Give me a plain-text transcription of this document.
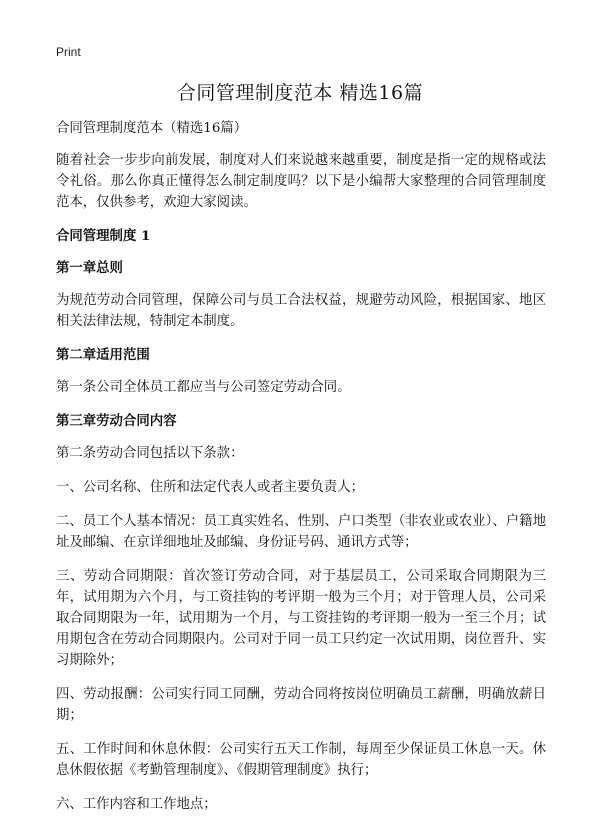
Print
合同管理制度范本 精选16篇

合同管理制度范本（精选16篇）

随着社会一步步向前发展，制度对人们来说越来越重要，制度是指一定的规格或法令礼俗。那么你真正懂得怎么制定制度吗？以下是小编帮大家整理的合同管理制度范本，仅供参考，欢迎大家阅读。

合同管理制度 1
第一章总则

为规范劳动合同管理，保障公司与员工合法权益，规避劳动风险，根据国家、地区相关法律法规，特制定本制度。

第二章适用范围

第一条公司全体员工都应当与公司签定劳动合同。

第三章劳动合同内容

第二条劳动合同包括以下条款：

一、公司名称、住所和法定代表人或者主要负责人；

二、员工个人基本情况：员工真实姓名、性别、户口类型（非农业或农业）、户籍地址及邮编、在京详细地址及邮编、身份证号码、通讯方式等；

三、劳动合同期限：首次签订劳动合同，对于基层员工，公司采取合同期限为三年，试用期为六个月，与工资挂钩的考评期一般为三个月；对于管理人员，公司采取合同期限为一年，试用期为一个月，与工资挂钩的考评期一般为一至三个月；试用期包含在劳动合同期限内。公司对于同一员工只约定一次试用期，岗位晋升、实习期除外；

四、劳动报酬：公司实行同工同酬，劳动合同将按岗位明确员工薪酬，明确放薪日期；

五、工作时间和休息休假：公司实行五天工作制，每周至少保证员工休息一天。休息休假依据《考勤管理制度》、《假期管理制度》执行；

六、工作内容和工作地点；
